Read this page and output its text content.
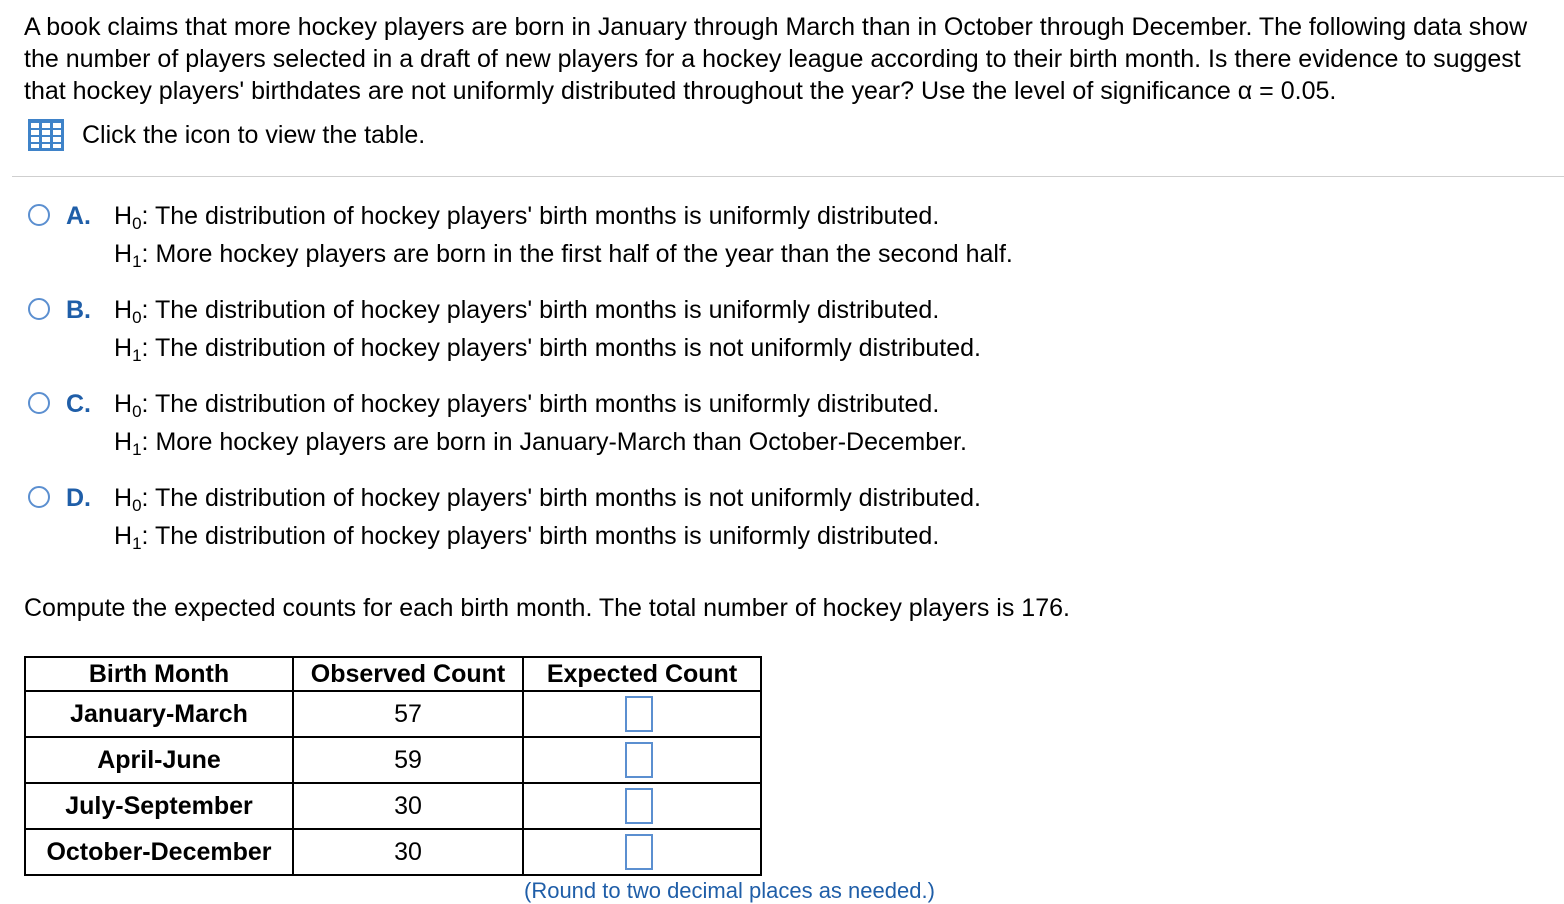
A book claims that more hockey players are born in January through March than in October through December. The following data show the number of players selected in a draft of new players for a hockey league according to their birth month. Is there evidence to suggest that hockey players' birthdates are not uniformly distributed throughout the year? Use the level of significance α = 0.05.
Click the icon to view the table.
A. $H_0$: The distribution of hockey players' birth months is uniformly distributed.
$H_1$: More hockey players are born in the first half of the year than the second half.
B. $H_0$: The distribution of hockey players' birth months is uniformly distributed.
$H_1$: The distribution of hockey players' birth months is not uniformly distributed.
C. $H_0$: The distribution of hockey players' birth months is uniformly distributed.
$H_1$: More hockey players are born in January-March than October-December.
D. $H_0$: The distribution of hockey players' birth months is not uniformly distributed.
$H_1$: The distribution of hockey players' birth months is uniformly distributed.
Compute the expected counts for each birth month. The total number of hockey players is 176.
Birth Month	Observed Count	Expected Count
January-March	57	
April-June	59	
July-September	30	
October-December	30	
(Round to two decimal places as needed.)
